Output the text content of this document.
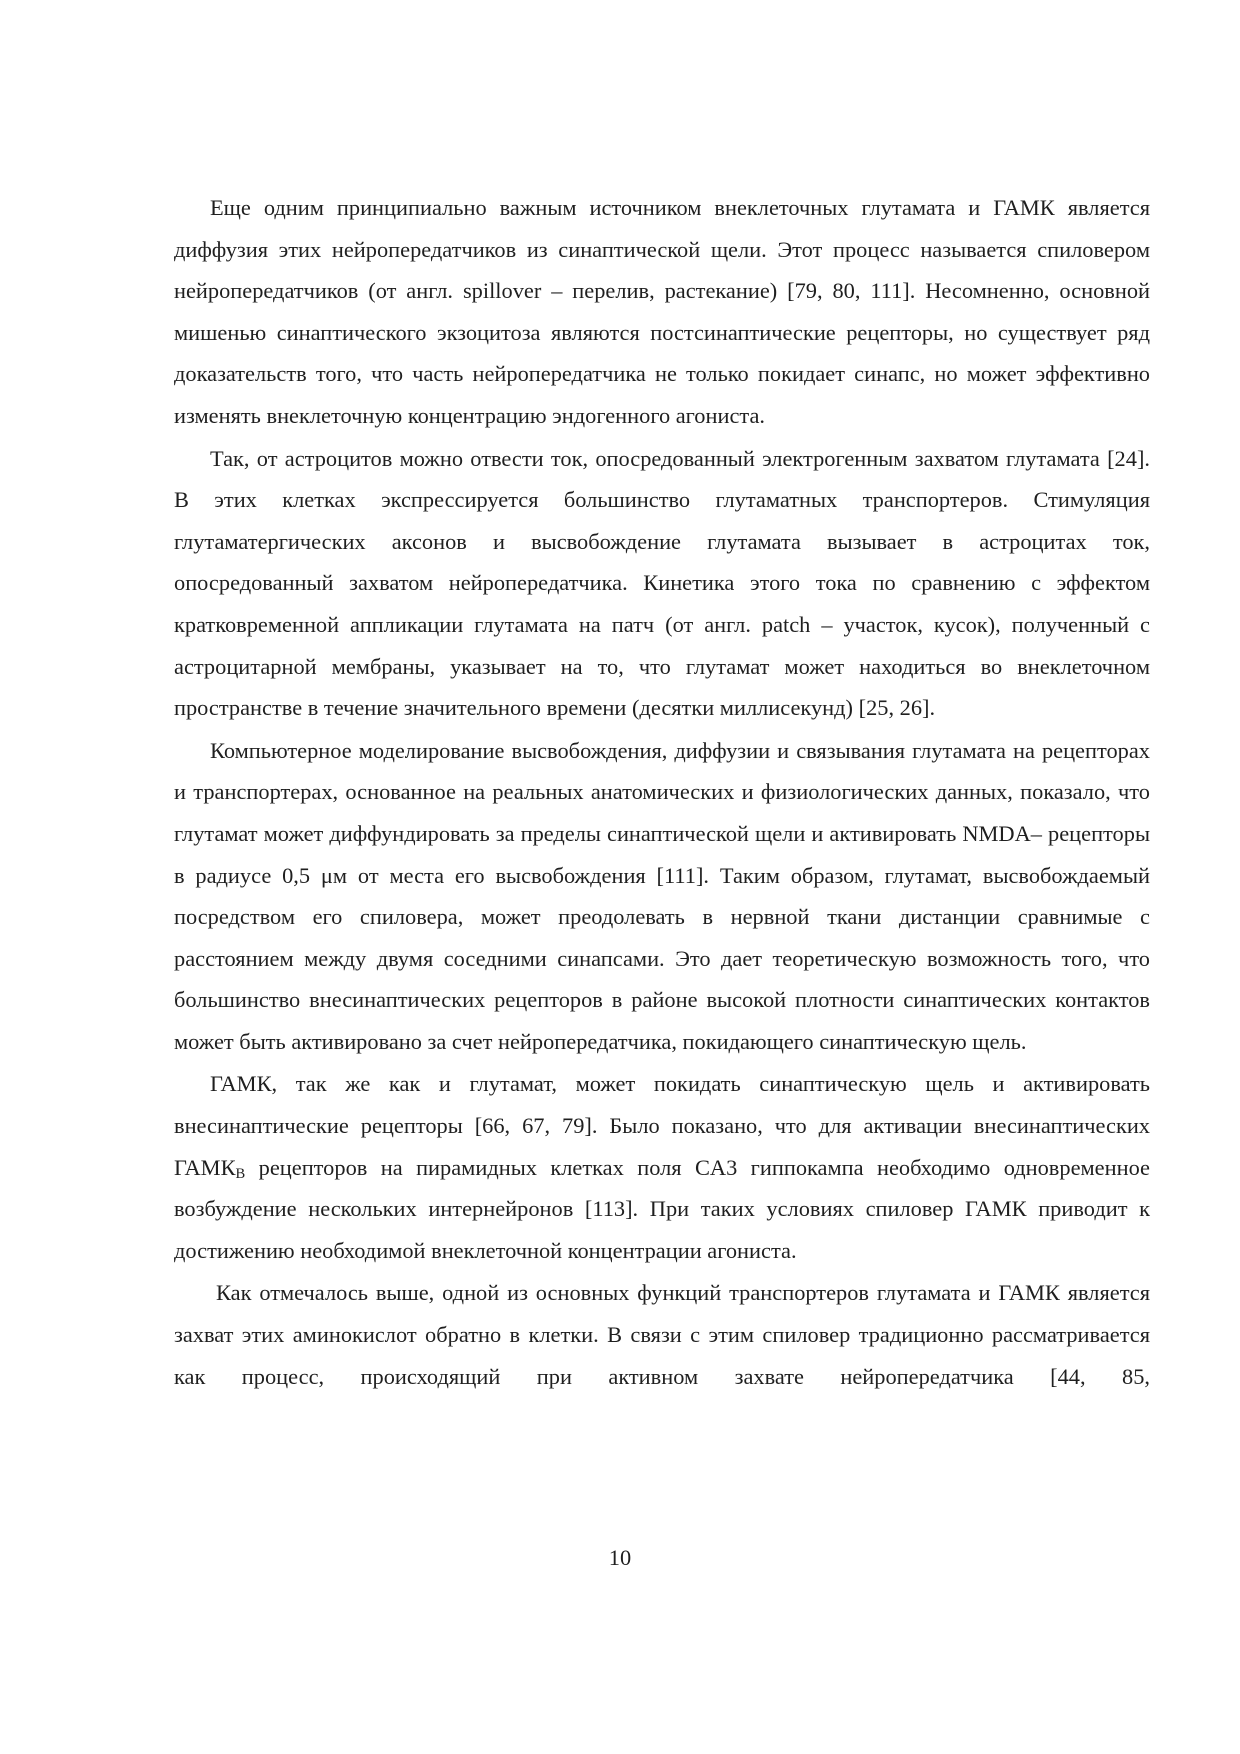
Еще одним принципиально важным источником внеклеточных глутамата и ГАМК является диффузия этих нейропередатчиков из синаптической щели. Этот процесс называется спиловером нейропередатчиков (от англ. spillover – перелив, растекание) [79, 80, 111]. Несомненно, основной мишенью синаптического экзоцитоза являются постсинаптические рецепторы, но существует ряд доказательств того, что часть нейропередатчика не только покидает синапс, но может эффективно изменять внеклеточную концентрацию эндогенного агониста.

Так, от астроцитов можно отвести ток, опосредованный электрогенным захватом глутамата [24]. В этих клетках экспрессируется большинство глутаматных транспортеров. Стимуляция глутаматергических аксонов и высвобождение глутамата вызывает в астроцитах ток, опосредованный захватом нейропередатчика. Кинетика этого тока по сравнению с эффектом кратковременной аппликации глутамата на патч (от англ. patch – участок, кусок), полученный с астроцитарной мембраны, указывает на то, что глутамат может находиться во внеклеточном пространстве в течение значительного времени (десятки миллисекунд) [25, 26].

Компьютерное моделирование высвобождения, диффузии и связывания глутамата на рецепторах и транспортерах, основанное на реальных анатомических и физиологических данных, показало, что глутамат может диффундировать за пределы синаптической щели и активировать NMDA– рецепторы в радиусе 0,5 μм от места его высвобождения [111]. Таким образом, глутамат, высвобождаемый посредством его спиловера, может преодолевать в нервной ткани дистанции сравнимые с расстоянием между двумя соседними синапсами. Это дает теоретическую возможность того, что большинство внесинаптических рецепторов в районе высокой плотности синаптических контактов может быть активировано за счет нейропередатчика, покидающего синаптическую щель.

ГАМК, так же как и глутамат, может покидать синаптическую щель и активировать внесинаптические рецепторы [66, 67, 79]. Было показано, что для активации внесинаптических ГАМКB рецепторов на пирамидных клетках поля CA3 гиппокампа необходимо одновременное возбуждение нескольких интернейронов [113]. При таких условиях спиловер ГАМК приводит к достижению необходимой внеклеточной концентрации агониста.

Как отмечалось выше, одной из основных функций транспортеров глутамата и ГАМК является захват этих аминокислот обратно в клетки. В связи с этим спиловер традиционно рассматривается как процесс, происходящий при активном захвате нейропередатчика [44, 85,

10
